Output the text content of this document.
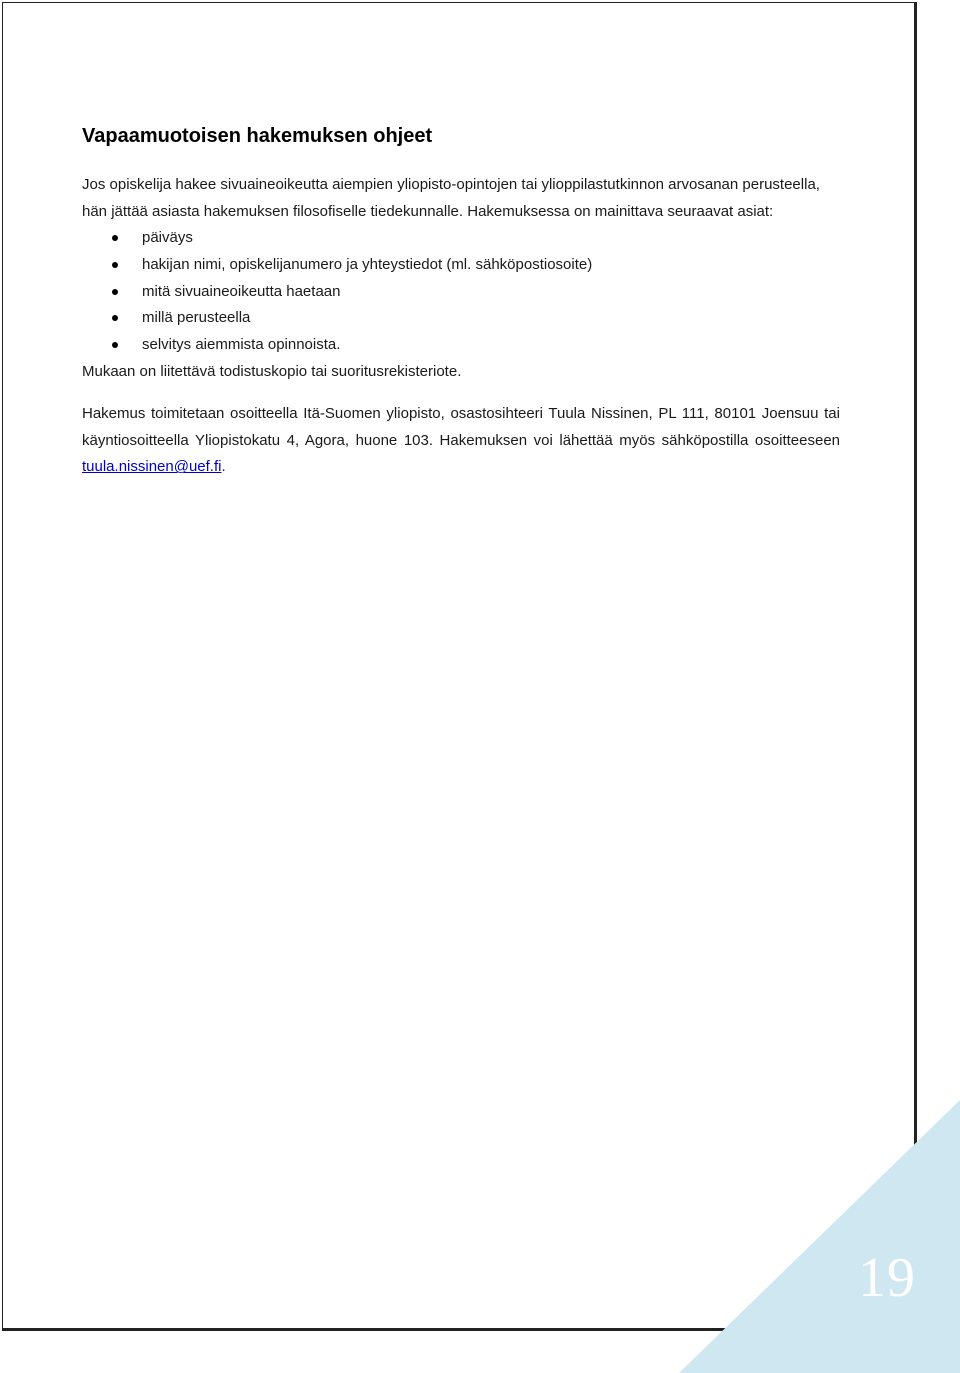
19
Vapaamuotoisen hakemuksen ohjeet

Jos opiskelija hakee sivuaineoikeutta aiempien yliopisto-opintojen tai ylioppilastutkinnon arvosanan perusteella, hän jättää asiasta hakemuksen filosofiselle tiedekunnalle. Hakemuksessa on mainittava seuraavat asiat:

päiväys
hakijan nimi, opiskelijanumero ja yhteystiedot (ml. sähköpostiosoite)
mitä sivuaineoikeutta haetaan
millä perusteella
selvitys aiemmista opinnoista.

Mukaan on liitettävä todistuskopio tai suoritusrekisteriote.

Hakemus toimitetaan osoitteella Itä-Suomen yliopisto, osastosihteeri Tuula Nissinen, PL 111, 80101 Joensuu tai käyntiosoitteella Yliopistokatu 4, Agora, huone 103. Hakemuksen voi lähettää myös sähköpostilla osoitteeseen tuula.nissinen@uef.fi.
